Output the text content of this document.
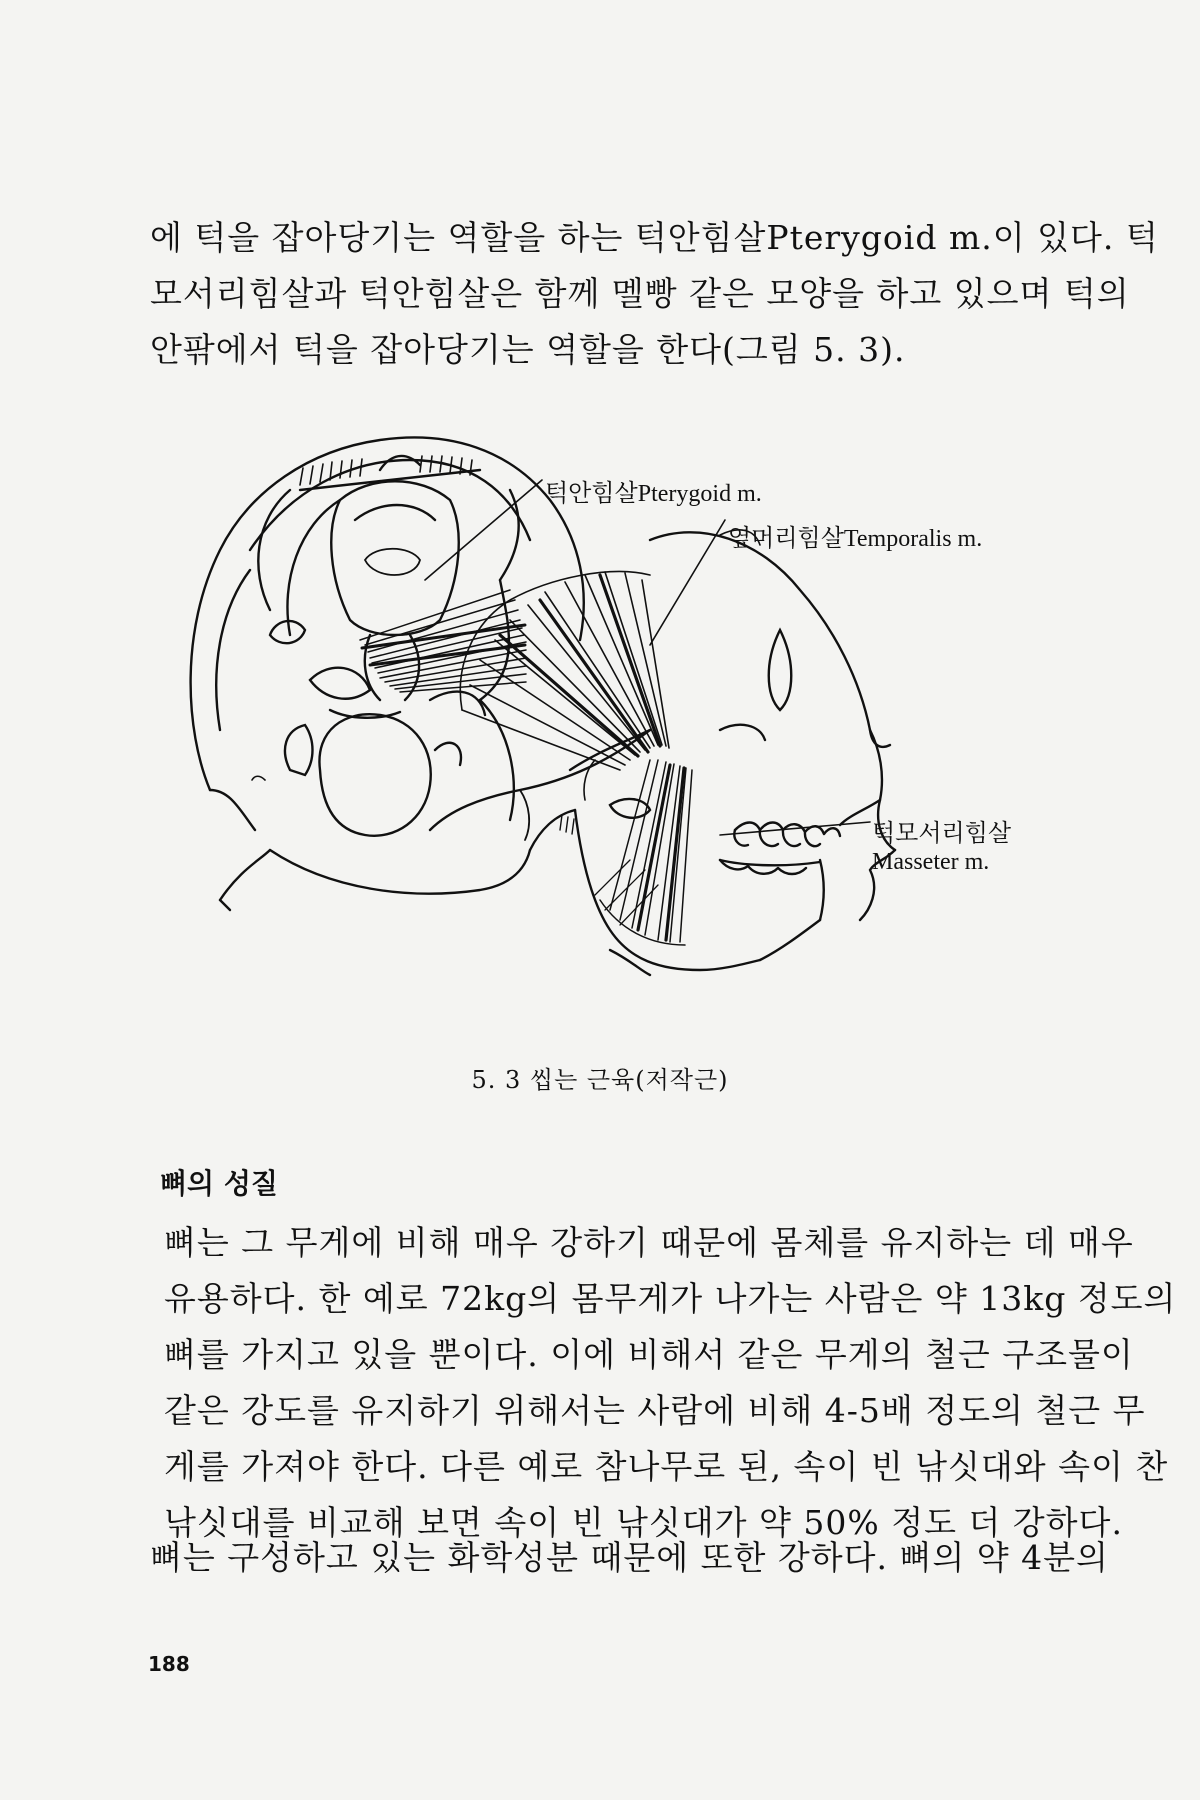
에 턱을 잡아당기는 역할을 하는 턱안힘살Pterygoid m.이 있다. 턱
모서리힘살과 턱안힘살은 함께 멜빵 같은 모양을 하고 있으며 턱의
안팎에서 턱을 잡아당기는 역할을 한다(그림 5. 3).

턱안힘살Pterygoid m.
옆머리힘살Temporalis m.
턱모서리힘살
Masseter m.
5. 3 씹는 근육(저작근)
뼈의 성질

뼈는 그 무게에 비해 매우 강하기 때문에 몸체를 유지하는 데 매우
유용하다. 한 예로 72kg의 몸무게가 나가는 사람은 약 13kg 정도의
뼈를 가지고 있을 뿐이다. 이에 비해서 같은 무게의 철근 구조물이
같은 강도를 유지하기 위해서는 사람에 비해 4-5배 정도의 철근 무
게를 가져야 한다. 다른 예로 참나무로 된, 속이 빈 낚싯대와 속이 찬
낚싯대를 비교해 보면 속이 빈 낚싯대가 약 50% 정도 더 강하다.

뼈는 구성하고 있는 화학성분 때문에 또한 강하다. 뼈의 약 4분의

188
